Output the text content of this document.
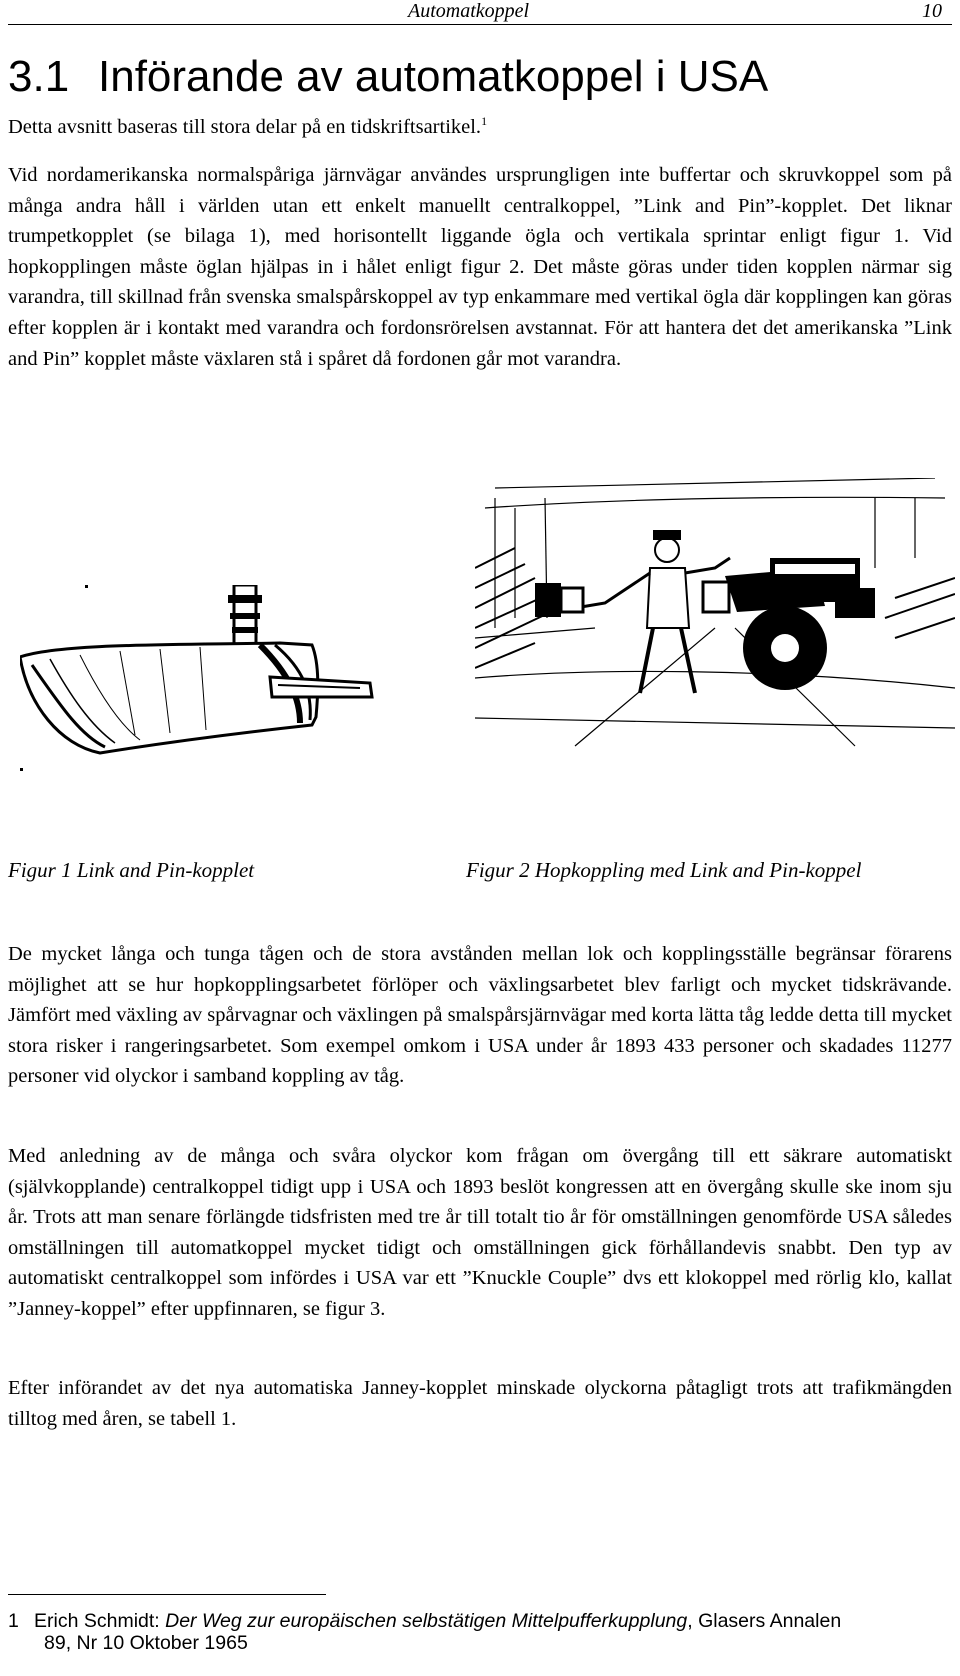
Automatkoppel	10
3.1 Införande av automatkoppel i USA
Detta avsnitt baseras till stora delar på en tidskriftsartikel.$^1$
Vid nordamerikanska normalspåriga järnvägar användes ursprungligen inte buffertar och skruvkoppel som på många andra håll i världen utan ett enkelt manuellt centralkoppel, ”Link and Pin”-kopplet. Det liknar trumpetkopplet (se bilaga 1), med horisontellt liggande ögla och vertikala sprintar enligt figur 1. Vid hopkopplingen måste öglan hjälpas in i hålet enligt figur 2. Det måste göras under tiden kopplen närmar sig varandra, till skillnad från svenska smalspårskoppel av typ enkammare med vertikal ögla där kopplingen kan göras efter kopplen är i kontakt med varandra och fordonsrörelsen avstannat. För att hantera det det amerikanska ”Link and Pin” kopplet måste växlaren stå i spåret då fordonen går mot varandra.
Figur 1 Link and Pin-kopplet	Figur 2 Hopkoppling med Link and Pin-koppel
De mycket långa och tunga tågen och de stora avstånden mellan lok och kopplingsställe begränsar förarens möjlighet att se hur hopkopplingsarbetet förlöper och växlingsarbetet blev farligt och mycket tidskrävande. Jämfört med växling av spårvagnar och växlingen på smalspårsjärnvägar med korta lätta tåg ledde detta till mycket stora risker i rangeringsarbetet. Som exempel omkom i USA under år 1893 433 personer och skadades 11277 personer vid olyckor i samband koppling av tåg.
Med anledning av de många och svåra olyckor kom frågan om övergång till ett säkrare automatiskt (självkopplande) centralkoppel tidigt upp i USA och 1893 beslöt kongressen att en övergång skulle ske inom sju år. Trots att man senare förlängde tidsfristen med tre år till totalt tio år för omställningen genomförde USA således omställningen till automatkoppel mycket tidigt och omställningen gick förhållandevis snabbt. Den typ av automatiskt centralkoppel som infördes i USA var ett ”Knuckle Couple” dvs ett klokoppel med rörlig klo, kallat ”Janney-koppel” efter uppfinnaren, se figur 3.
Efter införandet av det nya automatiska Janney-kopplet minskade olyckorna påtagligt trots att trafikmängden tilltog med åren, se tabell 1.
1 Erich Schmidt: Der Weg zur europäischen selbstätigen Mittelpufferkupplung, Glasers Annalen
89, Nr 10 Oktober 1965
